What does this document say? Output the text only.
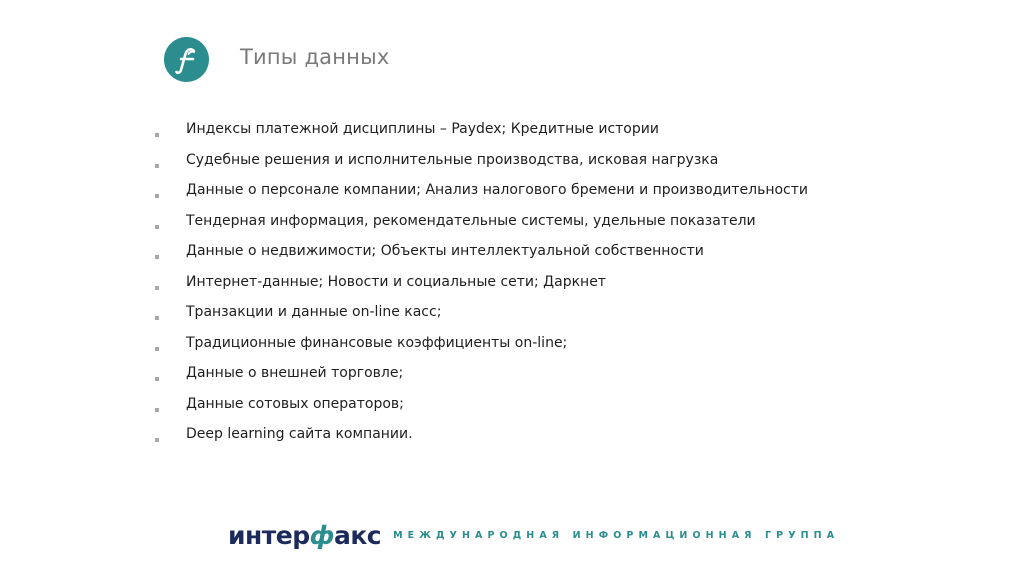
Типы данных
Индексы платежной дисциплины – Paydex; Кредитные истории
Судебные решения и исполнительные производства, исковая нагрузка
Данные о персонале компании; Анализ налогового бремени и производительности
Тендерная информация, рекомендательные системы, удельные показатели
Данные о недвижимости; Объекты интеллектуальной собственности
Интернет-данные; Новости и социальные сети; Даркнет
Транзакции и данные on-line касс;
Традиционные финансовые коэффициенты on-line;
Данные о внешней торговле;
Данные сотовых операторов;
Deep learning сайта компании.
интерфакс МЕЖДУНАРОДНАЯ ИНФОРМАЦИОННАЯ ГРУППА
